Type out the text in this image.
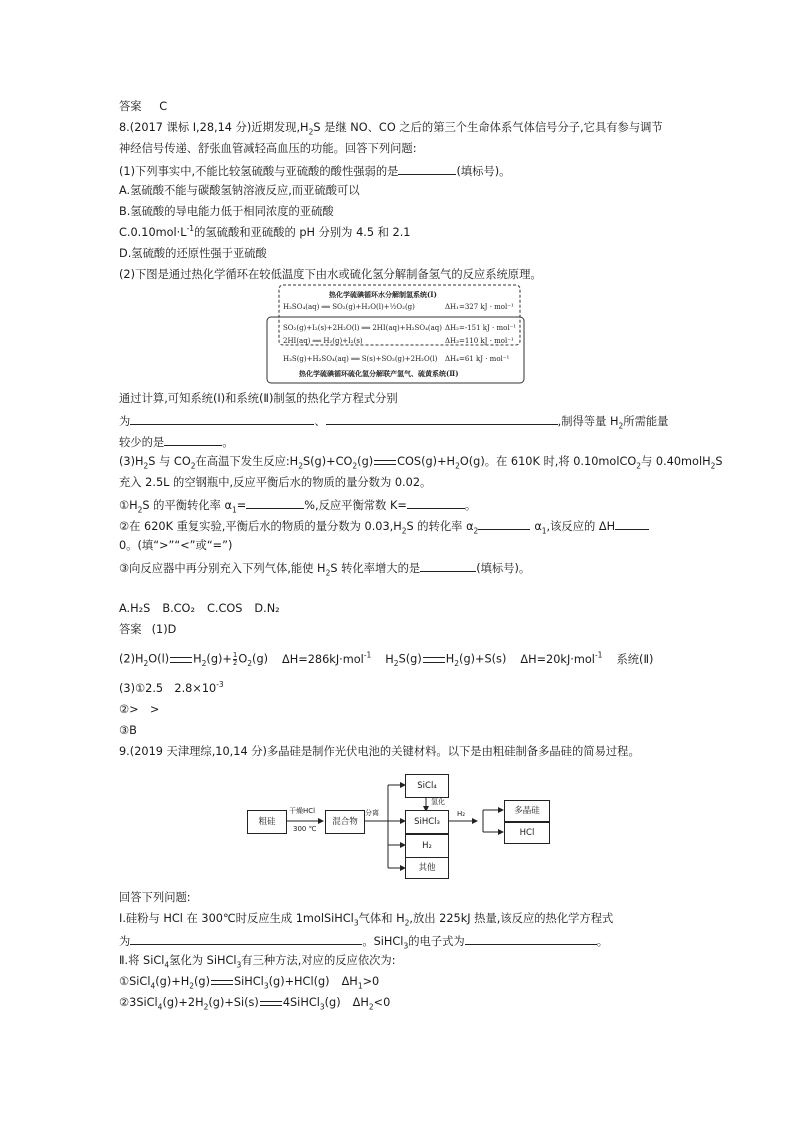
答案 C
8.(2017 课标 Ⅰ,28,14 分)近期发现$,H_2S$ 是继 NO、CO 之后的第三个生命体系气体信号分子,它具有参与调节
神经信号传递、舒张血管减轻高血压的功能。回答下列问题:
(1)下列事实中,不能比较氢硫酸与亚硫酸的酸性强弱的是	(填标号)。
A.氢硫酸不能与碳酸氢钠溶液反应,而亚硫酸可以
B.氢硫酸的导电能力低于相同浓度的亚硫酸
$C.0.10mol\cdot L^{-1}$的氢硫酸和亚硫酸的 pH 分别为 4.5 和 2.1
D.氢硫酸的还原性强于亚硫酸
(2)下图是通过热化学循环在较低温度下由水或硫化氢分解制备氢气的反应系统原理。
热化学硫碘循环水分解制氢系统(Ⅰ)
H₂SO₄(aq) ══ SO₂(g)+H₂O(l)+½O₂(g)	ΔH₁=327 kJ · mol⁻¹
SO₂(g)+I₂(s)+2H₂O(l) ══ 2HI(aq)+H₂SO₄(aq) ΔH₂=-151 kJ · mol⁻¹
2HI(aq) ══ H₂(g)+I₂(s)	ΔH₃=110 kJ · mol⁻¹
H₂S(g)+H₂SO₄(aq) ══ S(s)+SO₂(g)+2H₂O(l) ΔH₄=61 kJ · mol⁻¹
热化学硫碘循环硫化氢分解联产氢气、硫黄系统(Ⅱ)
通过计算,可知系统(Ⅰ)和系统(Ⅱ)制氢的热化学方程式分别
为	、	,制得等量 $H_2$所需能量
较少的是	。
$(3)H_2S$ 与 $CO_2$在高温下发生反应$:H_2S(g)+CO_2(g)$ $COS(g)+H_2O(g)$。在 610K 时,将 0.10molCO$_2$与 0.40molH$_2$S
充入 2.5L 的空钢瓶中,反应平衡后水的物质的量分数为 0.02。
$①H_2S$ 的平衡转化率 $\alpha_1=$	%,反应平衡常数 K=	。
②在 620K 重复实验,平衡后水的物质的量分数为 $0.03,H_2S$ 的转化率 $\alpha_2$	$\alpha_1$,该反应的 ΔH
0。(填“>”“<”或“=”)
③向反应器中再分别充入下列气体,能使 $H_2S$ 转化率增大的是	(填标号)。
A.H₂S B.CO₂ C.COS D.N₂
答案 (1)D
$(2)H_2O(l)$ $H_2(g)+ \frac{1}{2} O_2(g)$ ΔH=286kJ·mol$^{-1}$ $H_2S(g)$ $H_2(g)+S(s)$ ΔH=20kJ·mol$^{-1}$ 系统(Ⅱ)
(3)①2.5　$2.8\times 10^{-3}$
②>　>
③B
9.(2019 天津理综,10,14 分)多晶硅是制作光伏电池的关键材料。以下是由粗硅制备多晶硅的简易过程。
粗硅
干燥HCl
300 ℃
混合物
分离
SiCl₄
氢化
SiHCl₃
H₂
其他
H₂	多晶硅
HCl
回答下列问题:
Ⅰ.硅粉与 HCl 在 300℃时反应生成 1molSiHCl$_3$气体和 $H_2$,放出 225kJ 热量,该反应的热化学方程式
为	。SiHCl$_3$的电子式为	。
Ⅱ.将 SiCl$_4$氢化为 SiHCl$_3$有三种方法,对应的反应依次为:
$①SiCl_4(g)+H_2(g)$ SiHCl$_3$(g)+HCl(g) $\Delta H_1>0$
$②3SiCl_4(g)+2H_2(g)+Si(s)$ 4SiHCl$_3$(g) $\Delta H_2<0$
